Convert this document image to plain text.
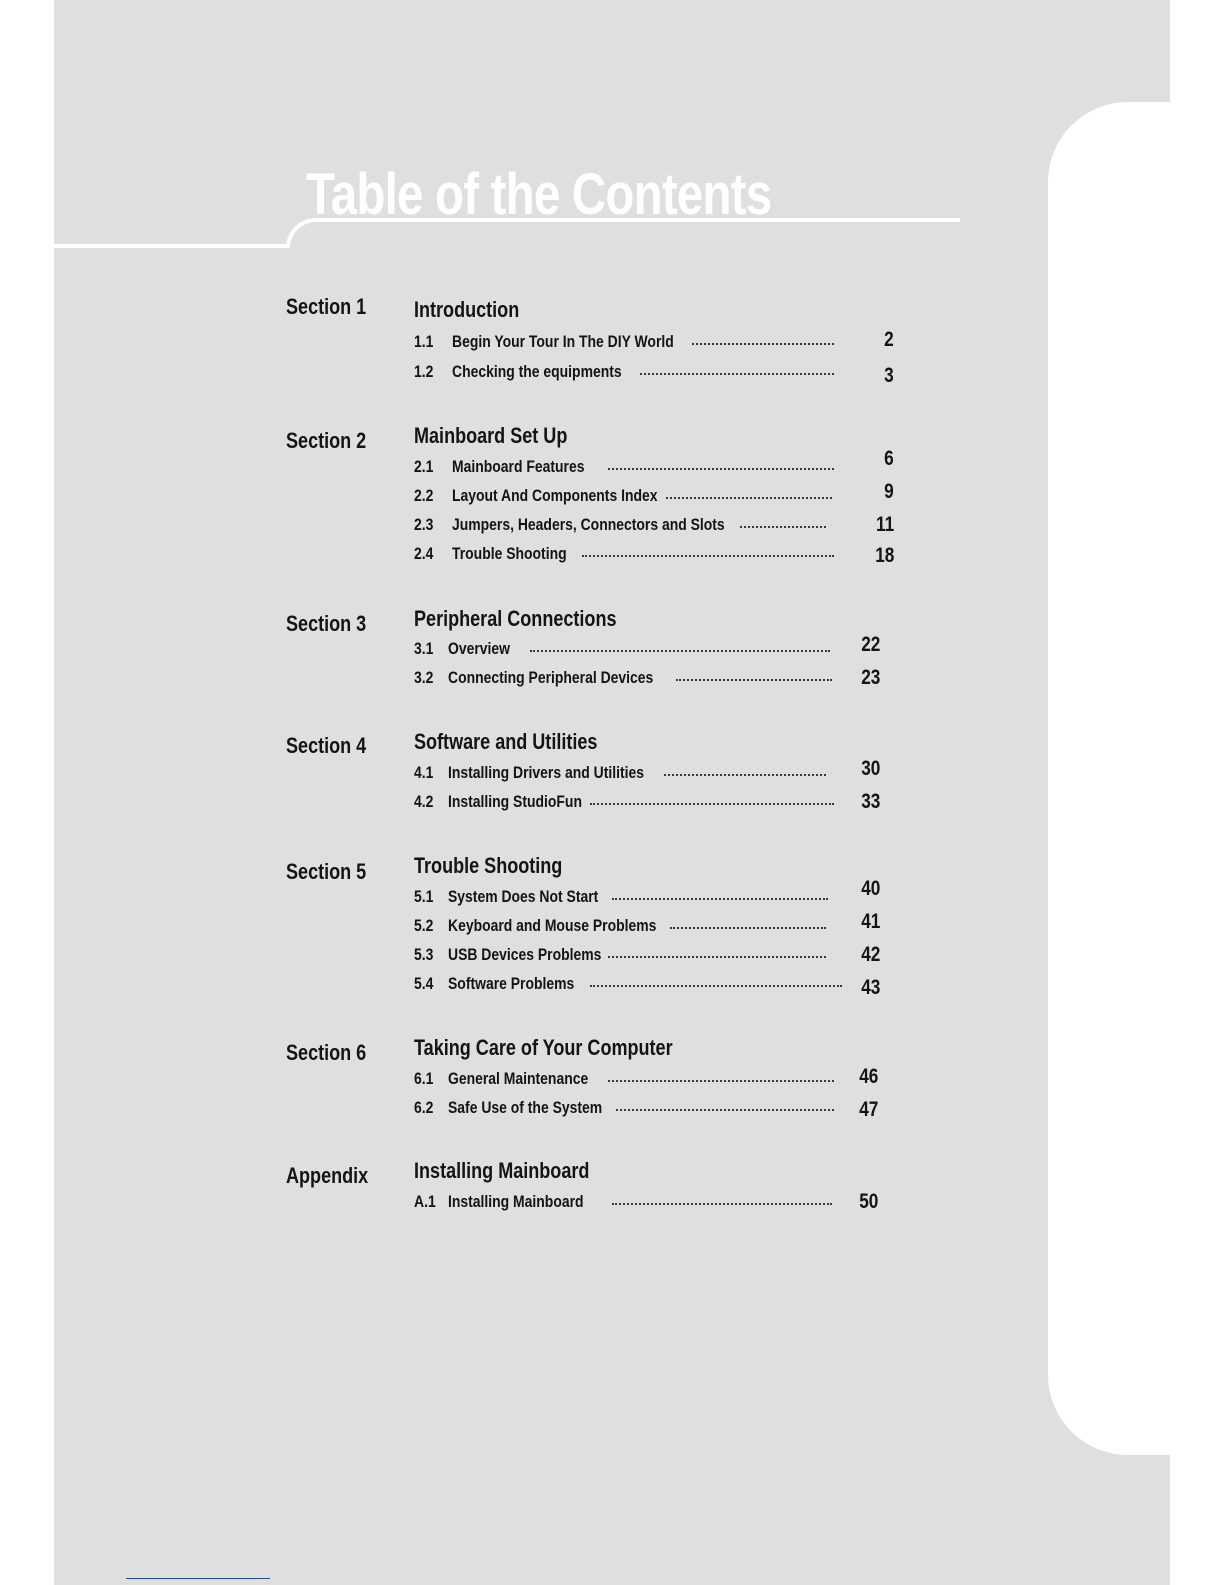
Table of the Contents
Section 1 Introduction
1.1 Begin Your Tour In The DIY World	2
1.2 Checking the equipments	3
Section 2 Mainboard Set Up
2.1 Mainboard Features	6
2.2 Layout And Components Index	9
2.3 Jumpers, Headers, Connectors and Slots	11
2.4 Trouble Shooting	18
Section 3 Peripheral Connections
3.1 Overview	22
3.2 Connecting Peripheral Devices	23
Section 4 Software and Utilities
4.1 Installing Drivers and Utilities	30
4.2 Installing StudioFun	33
Section 5 Trouble Shooting
5.1 System Does Not Start	40
5.2 Keyboard and Mouse Problems	41
5.3 USB Devices Problems	42
5.4 Software Problems	43
Section 6 Taking Care of Your Computer
6.1 General Maintenance	46
6.2 Safe Use of the System	47
Appendix Installing Mainboard
A.1 Installing Mainboard	50
